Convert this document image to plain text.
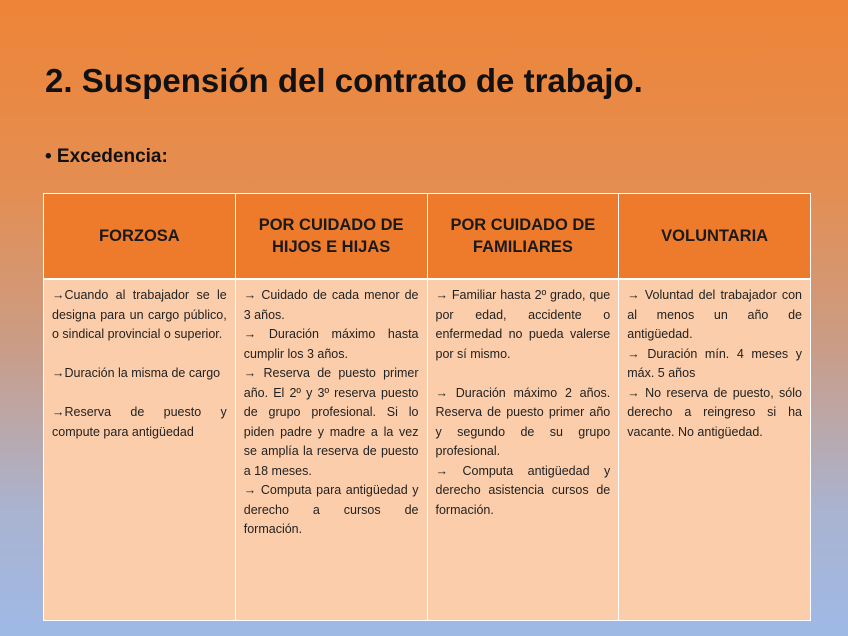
2. Suspensión del contrato de trabajo.
• Excedencia:
FORZOSA
POR CUIDADO DE HIJOS E HIJAS
POR CUIDADO DE FAMILIARES
VOLUNTARIA

→Cuando al trabajador se le designa para un cargo público, o sindical provincial o superior.

→Duración la misma de cargo

→Reserva de puesto y compute para antigüedad

→ Cuidado de cada menor de 3 años.

→ Duración máximo hasta cumplir los 3 años.

→ Reserva de puesto primer año. El 2º y 3º reserva puesto de grupo profesional. Si lo piden padre y madre a la vez se amplía la reserva de puesto a 18 meses.

→ Computa para antigüedad y derecho a cursos de formación.

→ Familiar hasta 2º grado, que por edad, accidente o enfermedad no pueda valerse por sí mismo.

→ Duración máximo 2 años. Reserva de puesto primer año y segundo de su grupo profesional.

→ Computa antigüedad y derecho asistencia cursos de formación.

→ Voluntad del trabajador con al menos un año de antigüedad.

→ Duración mín. 4 meses y máx. 5 años

→ No reserva de puesto, sólo derecho a reingreso si ha vacante. No antigüedad.
